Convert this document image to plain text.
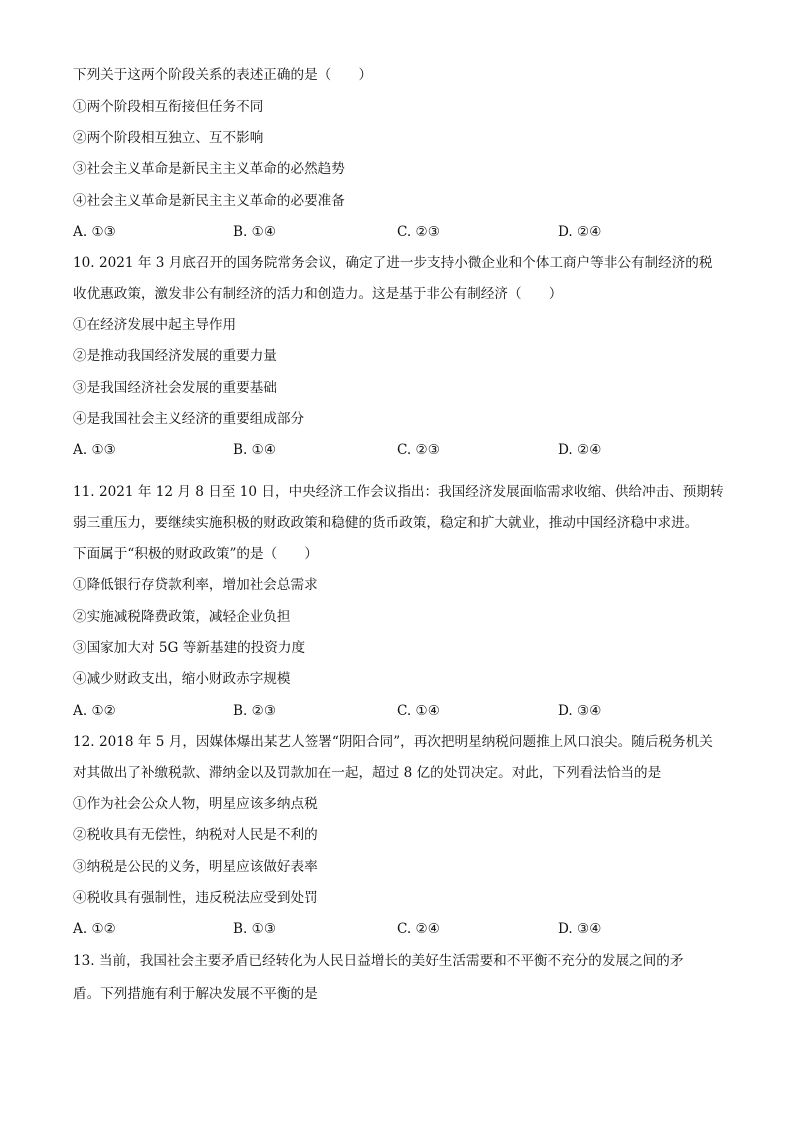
下列关于这两个阶段关系的表述正确的是（　　）
①两个阶段相互衔接但任务不同
②两个阶段相互独立、互不影响
③社会主义革命是新民主主义革命的必然趋势
④社会主义革命是新民主主义革命的必要准备
A. ①③	B. ①④	C. ②③	D. ②④
10. 2021 年 3 月底召开的国务院常务会议，确定了进一步支持小微企业和个体工商户等非公有制经济的税
收优惠政策，激发非公有制经济的活力和创造力。这是基于非公有制经济（　　）
①在经济发展中起主导作用
②是推动我国经济发展的重要力量
③是我国经济社会发展的重要基础
④是我国社会主义经济的重要组成部分
A. ①③	B. ①④	C. ②③	D. ②④
11. 2021 年 12 月 8 日至 10 日，中央经济工作会议指出：我国经济发展面临需求收缩、供给冲击、预期转
弱三重压力，要继续实施积极的财政政策和稳健的货币政策，稳定和扩大就业，推动中国经济稳中求进。
下面属于“积极的财政政策”的是（　　）
①降低银行存贷款利率，增加社会总需求
②实施减税降费政策，减轻企业负担
③国家加大对 5G 等新基建的投资力度
④减少财政支出，缩小财政赤字规模
A. ①②	B. ②③	C. ①④	D. ③④
12. 2018 年 5 月，因媒体爆出某艺人签署“阴阳合同”，再次把明星纳税问题推上风口浪尖。随后税务机关
对其做出了补缴税款、滞纳金以及罚款加在一起，超过 8 亿的处罚决定。对此，下列看法恰当的是
①作为社会公众人物，明星应该多纳点税
②税收具有无偿性，纳税对人民是不利的
③纳税是公民的义务，明星应该做好表率
④税收具有强制性，违反税法应受到处罚
A. ①②	B. ①③	C. ②④	D. ③④
13. 当前，我国社会主要矛盾已经转化为人民日益增长的美好生活需要和不平衡不充分的发展之间的矛
盾。下列措施有利于解决发展不平衡的是
